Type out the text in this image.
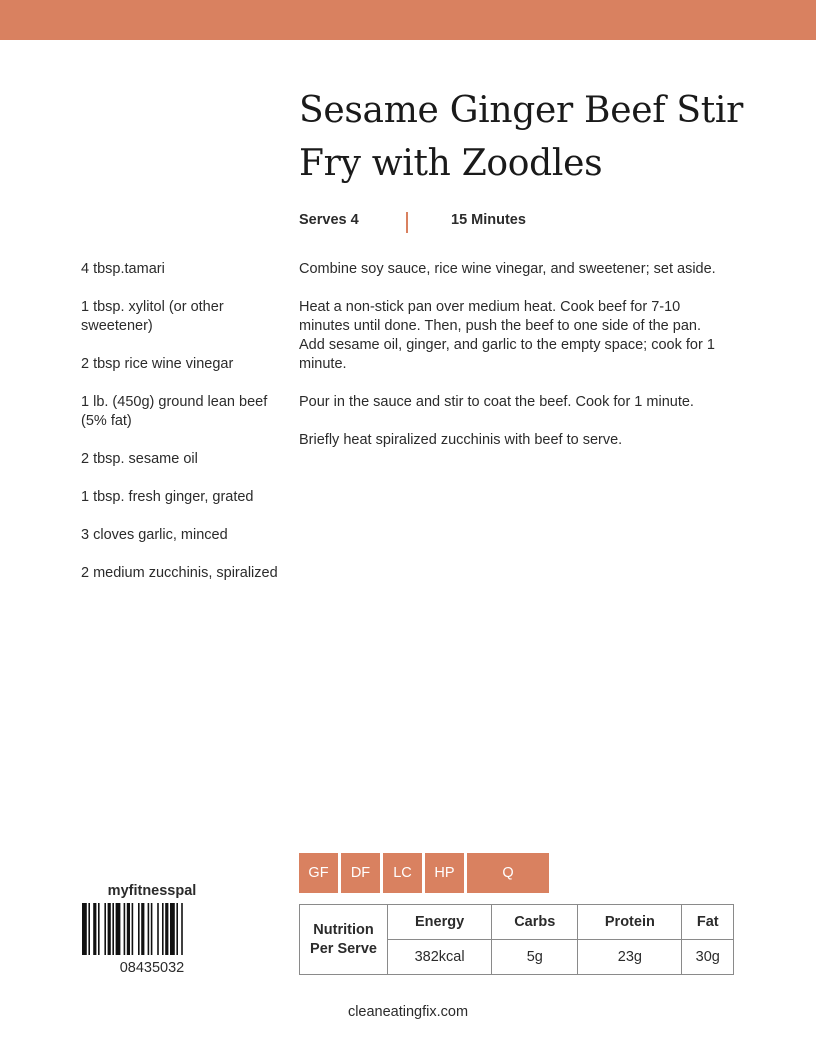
Sesame Ginger Beef Stir Fry with Zoodles
Serves 4	15 Minutes
4 tbsp.tamari
1 tbsp. xylitol (or other sweetener)
2 tbsp rice wine vinegar
1 lb. (450g) ground lean beef (5% fat)
2 tbsp. sesame oil
1 tbsp. fresh ginger, grated
3 cloves garlic, minced
2 medium zucchinis, spiralized

Combine soy sauce, rice wine vinegar, and sweetener; set aside.

Heat a non-stick pan over medium heat. Cook beef for 7-10 minutes until done. Then, push the beef to one side of the pan. Add sesame oil, ginger, and garlic to the empty space; cook for 1 minute.

Pour in the sauce and stir to coat the beef. Cook for 1 minute.

Briefly heat spiralized zucchinis with beef to serve.

myfitnesspal
08435032
GF	DF	LC	HP	Q
Nutrition Per Serve	Energy	Carbs	Protein	Fat
	382kcal	5g	23g	30g
cleaneatingfix.com
